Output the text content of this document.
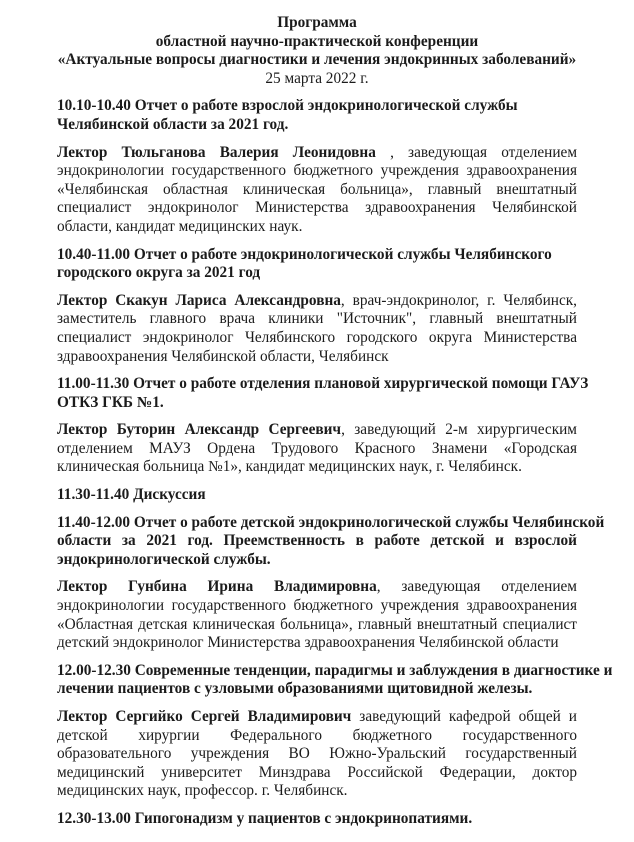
Программа
областной научно-практической конференции
«Актуальные вопросы диагностики и лечения эндокринных заболеваний»
25 марта 2022 г.
10.10-10.40 Отчет о работе взрослой эндокринологической службы
Челябинской области за 2021 год.

Лектор Тюльганова Валерия Леонидовна , заведующая отделением эндокринологии государственного бюджетного учреждения здравоохранения «Челябинская областная клиническая больница», главный внештатный специалист эндокринолог Министерства здравоохранения Челябинской области, кандидат медицинских наук.

10.40-11.00 Отчет о работе эндокринологической службы Челябинского
городского округа за 2021 год

Лектор Скакун Лариса Александровна, врач-эндокринолог, г. Челябинск, заместитель главного врача клиники "Источник", главный внештатный специалист эндокринолог Челябинского городского округа Министерства здравоохранения Челябинской области, Челябинск

11.00-11.30 Отчет о работе отделения плановой хирургической помощи ГАУЗ
ОТКЗ ГКБ №1.

Лектор Буторин Александр Сергеевич, заведующий 2-м хирургическим отделением МАУЗ Ордена Трудового Красного Знамени «Городская клиническая больница №1», кандидат медицинских наук, г. Челябинск.

11.30-11.40 Дискуссия
11.40-12.00 Отчет о работе детской эндокринологической службы Челябинской
области за 2021 год. Преемственность в работе детской и взрослой
эндокринологической службы.

Лектор Гунбина Ирина Владимировна, заведующая отделением эндокринологии государственного бюджетного учреждения здравоохранения «Областная детская клиническая больница», главный внештатный специалист детский эндокринолог Министерства здравоохранения Челябинской области

12.00-12.30 Современные тенденции, парадигмы и заблуждения в диагностике и
лечении пациентов с узловыми образованиями щитовидной железы.

Лектор Сергийко Сергей Владимирович заведующий кафедрой общей и детской хирургии Федерального бюджетного государственного образовательного учреждения ВО Южно-Уральский государственный медицинский университет Минздрава Российской Федерации, доктор медицинских наук, профессор. г. Челябинск.

12.30-13.00 Гипогонадизм у пациентов с эндокринопатиями.
